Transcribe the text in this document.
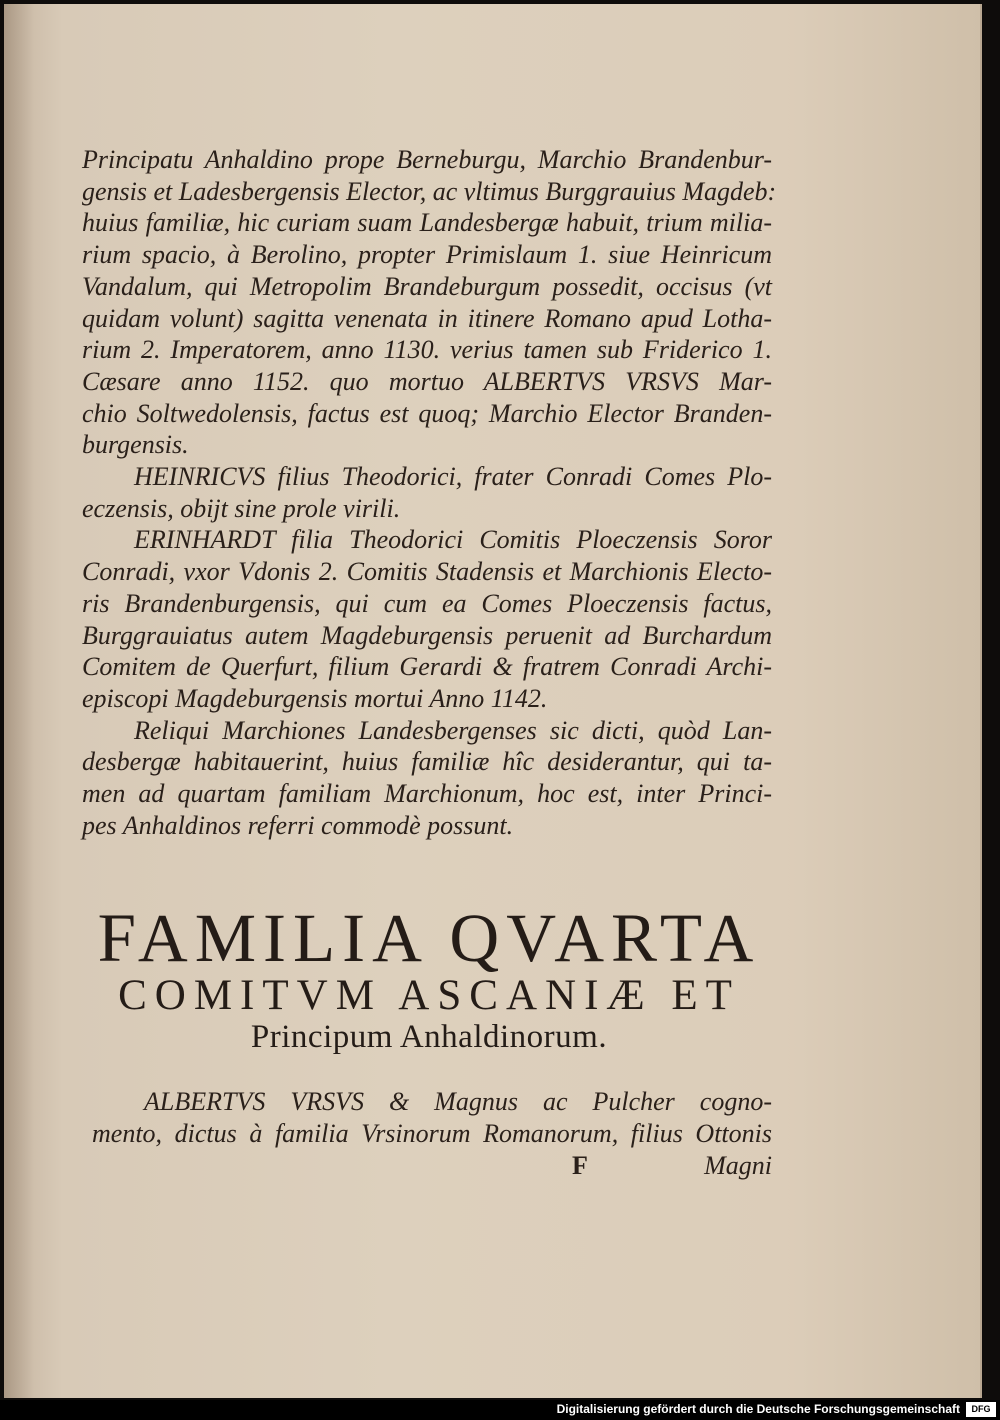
Principatu Anhaldino prope Berneburgu, Marchio Brandenbur-
gensis et Ladesbergensis Elector, ac vltimus Burggrauius Magdeb:
huius familiæ, hic curiam suam Landesbergæ habuit, trium milia-
rium spacio, à Berolino, propter Primislaum 1. siue Heinricum
Vandalum, qui Metropolim Brandeburgum possedit, occisus (vt
quidam volunt) sagitta venenata in itinere Romano apud Lotha-
rium 2. Imperatorem, anno 1130. verius tamen sub Friderico 1.
Cæsare anno 1152. quo mortuo ALBERTVS VRSVS Mar-
chio Soltwedolensis, factus est quoq; Marchio Elector Branden-
burgensis.
HEINRICVS filius Theodorici, frater Conradi Comes Plo-
eczensis, obijt sine prole virili.
ERINHARDT filia Theodorici Comitis Ploeczensis Soror
Conradi, vxor Vdonis 2. Comitis Stadensis et Marchionis Electo-
ris Brandenburgensis, qui cum ea Comes Ploeczensis factus,
Burggrauiatus autem Magdeburgensis peruenit ad Burchardum
Comitem de Querfurt, filium Gerardi & fratrem Conradi Archi-
episcopi Magdeburgensis mortui Anno 1142.
Reliqui Marchiones Landesbergenses sic dicti, quòd Lan-
desbergæ habitauerint, huius familiæ hîc desiderantur, qui ta-
men ad quartam familiam Marchionum, hoc est, inter Princi-
pes Anhaldinos referri commodè possunt.
FAMILIA QVARTA
COMITVM ASCANIÆ ET
Principum Anhaldinorum.
ALBERTVS VRSVS & Magnus ac Pulcher cogno-
mento, dictus à familia Vrsinorum Romanorum, filius Ottonis
F	Magni
Digitalisierung gefördert durch die Deutsche Forschungsgemeinschaft	DFG
